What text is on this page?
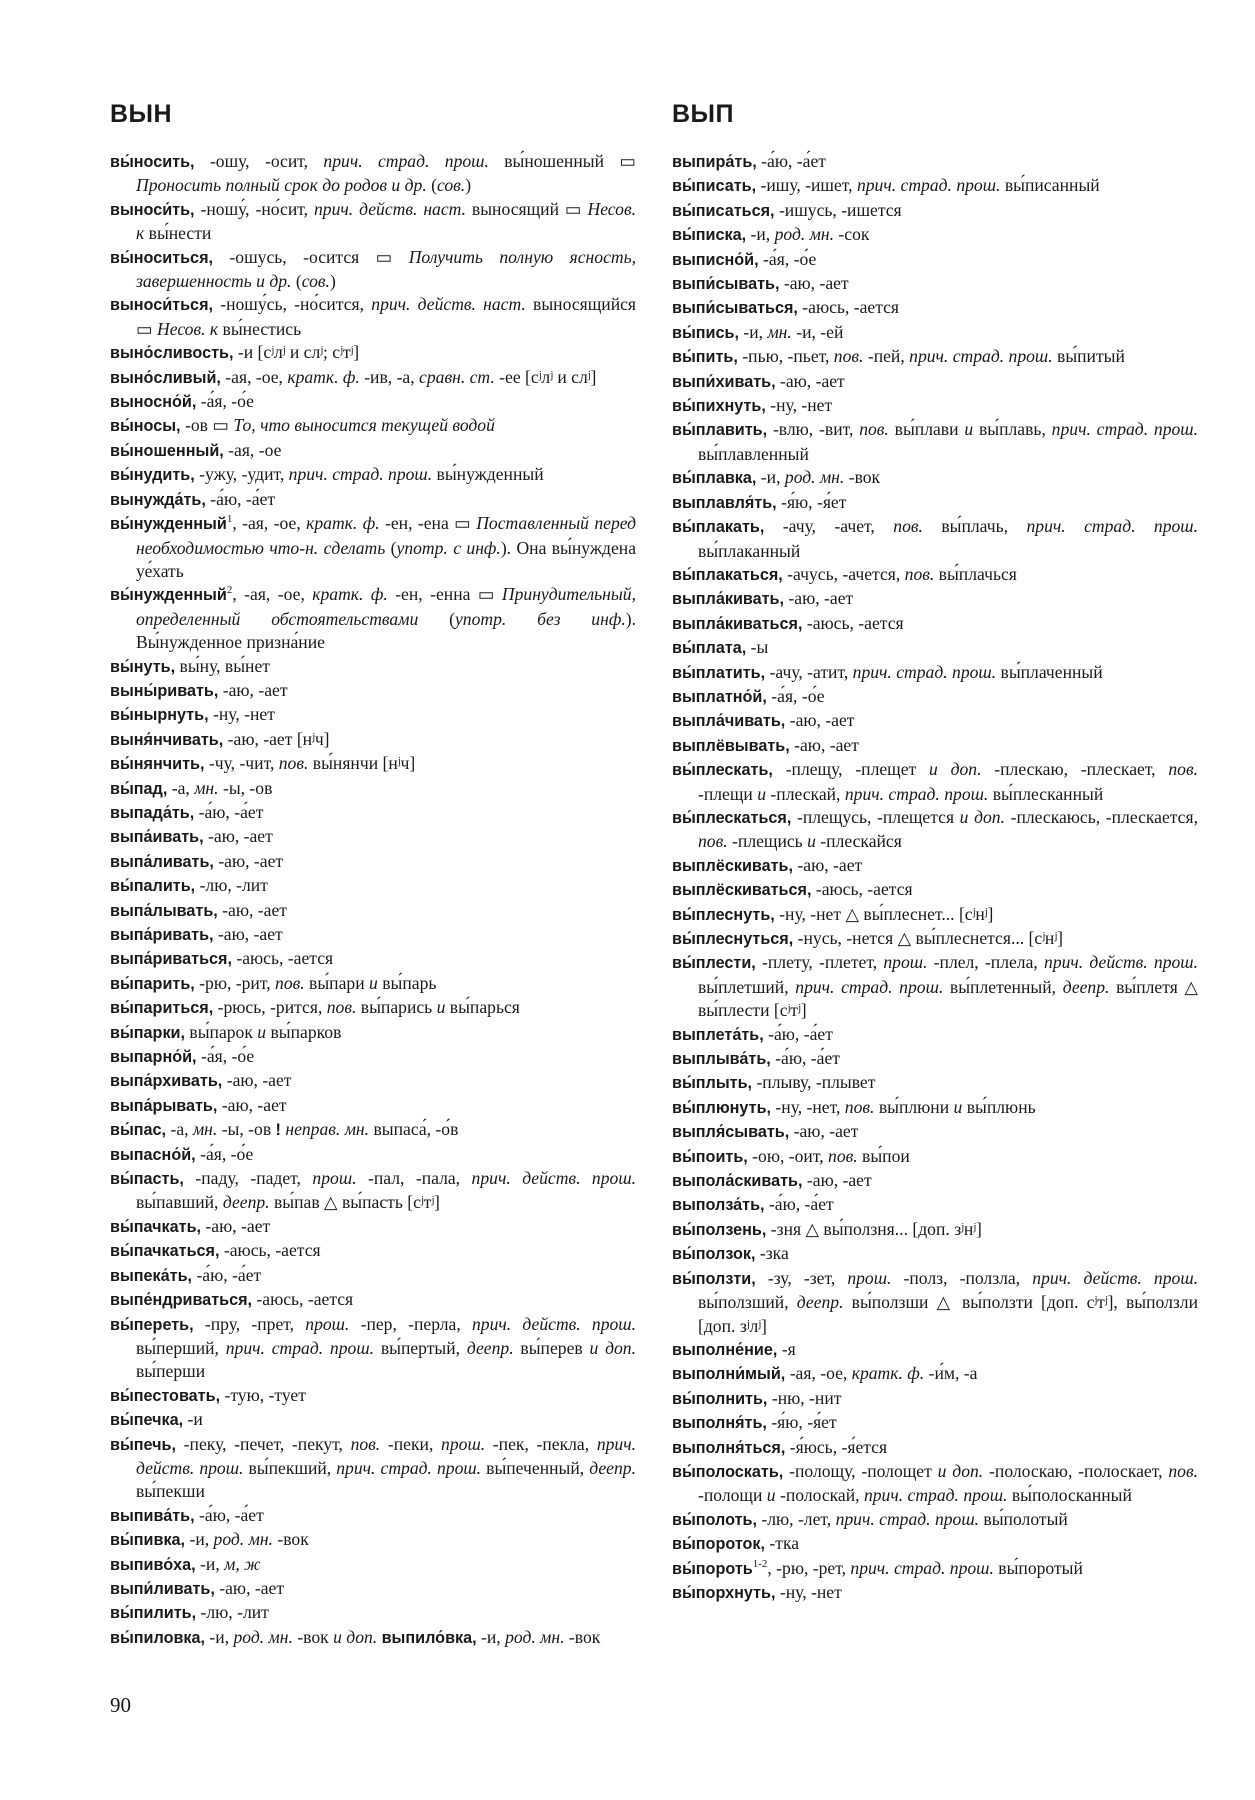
ВЫН	ВЫП

вы́носить, -ошу, -осит, прич. страд. прош. вы́ношенный ▭ Проносить полный срок до родов и др. (сов.)

выноси́ть, -ношу́, -но́сит, прич. действ. наст. выносящий ▭ Несов. к вы́нести

вы́носиться, -ошусь, -осится ▭ Получить полную ясность, завершенность и др. (сов.)

выноси́ться, -ношу́сь, -но́сится, прич. действ. наст. выносящийся ▭ Несов. к вы́нестись

выно́сливость, -и [сʲлʲ и слʲ; сʲтʲ]

выно́сливый, -ая, -ое, кратк. ф. -ив, -а, сравн. ст. -ее [сʲлʲ и слʲ]

выносно́й, -а́я, -о́е

вы́носы, -ов ▭ То, что выносится текущей водой

вы́ношенный, -ая, -ое

вы́нудить, -ужу, -удит, прич. страд. прош. вы́нужденный

вынужда́ть, -а́ю, -а́ет

вы́нужденный$^1$, -ая, -ое, кратк. ф. -ен, -ена ▭ Поставленный перед необходимостью что-н. сделать (употр. с инф.). Она вы́нуждена уе́хать

вы́нужденный$^2$, -ая, -ое, кратк. ф. -ен, -енна ▭ Принудительный, определенный обстоятельствами (употр. без инф.). Вы́нужденное призна́ние

вы́нуть, вы́ну, вы́нет

выны́ривать, -аю, -ает

вы́нырнуть, -ну, -нет

выня́нчивать, -аю, -ает [нʲч]

вы́нянчить, -чу, -чит, пов. вы́нянчи [нʲч]

вы́пад, -а, мн. -ы, -ов

выпада́ть, -а́ю, -а́ет

выпа́ивать, -аю, -ает

выпа́ливать, -аю, -ает

вы́палить, -лю, -лит

выпа́лывать, -аю, -ает

выпа́ривать, -аю, -ает

выпа́риваться, -аюсь, -ается

вы́парить, -рю, -рит, пов. вы́пари и вы́парь

вы́париться, -рюсь, -рится, пов. вы́парись и вы́парься

вы́парки, вы́парок и вы́парков

выпарно́й, -а́я, -о́е

выпа́рхивать, -аю, -ает

выпа́рывать, -аю, -ает

вы́пас, -а, мн. -ы, -ов ! неправ. мн. выпаса́, -о́в

выпасно́й, -а́я, -о́е

вы́пасть, -паду, -падет, прош. -пал, -пала, прич. действ. прош. вы́павший, деепр. вы́пав △ вы́пасть [сʲтʲ]

вы́пачкать, -аю, -ает

вы́пачкаться, -аюсь, -ается

выпека́ть, -а́ю, -а́ет

выпе́ндриваться, -аюсь, -ается

вы́переть, -пру, -прет, прош. -пер, -перла, прич. действ. прош. вы́перший, прич. страд. прош. вы́пертый, деепр. вы́перев и доп. вы́перши

вы́пестовать, -тую, -тует

вы́печка, -и

вы́печь, -пеку, -печет, -пекут, пов. -пеки, прош. -пек, -пекла, прич. действ. прош. вы́пекший, прич. страд. прош. вы́печенный, деепр. вы́пекши

выпива́ть, -а́ю, -а́ет

вы́пивка, -и, род. мн. -вок

выпиво́ха, -и, м, ж

выпи́ливать, -аю, -ает

вы́пилить, -лю, -лит

вы́пиловка, -и, род. мн. -вок и доп. выпило́вка, -и, род. мн. -вок

выпира́ть, -а́ю, -а́ет

вы́писать, -ишу, -ишет, прич. страд. прош. вы́писанный

вы́писаться, -ишусь, -ишется

вы́писка, -и, род. мн. -сок

выписно́й, -а́я, -о́е

выпи́сывать, -аю, -ает

выпи́сываться, -аюсь, -ается

вы́пись, -и, мн. -и, -ей

вы́пить, -пью, -пьет, пов. -пей, прич. страд. прош. вы́питый

выпи́хивать, -аю, -ает

вы́пихнуть, -ну, -нет

вы́плавить, -влю, -вит, пов. вы́плави и вы́плавь, прич. страд. прош. вы́плавленный

вы́плавка, -и, род. мн. -вок

выплавля́ть, -я́ю, -я́ет

вы́плакать, -ачу, -ачет, пов. вы́плачь, прич. страд. прош. вы́плаканный

вы́плакаться, -ачусь, -ачется, пов. вы́плачься

выпла́кивать, -аю, -ает

выпла́киваться, -аюсь, -ается

вы́плата, -ы

вы́платить, -ачу, -атит, прич. страд. прош. вы́плаченный

выплатно́й, -а́я, -о́е

выпла́чивать, -аю, -ает

выплёвывать, -аю, -ает

вы́плескать, -плещу, -плещет и доп. -плескаю, -плескает, пов. -плещи и -плескай, прич. страд. прош. вы́плесканный

вы́плескаться, -плещусь, -плещется и доп. -плескаюсь, -плескается, пов. -плещись и -плескайся

выплёскивать, -аю, -ает

выплёскиваться, -аюсь, -ается

вы́плеснуть, -ну, -нет △ вы́плеснет... [сʲнʲ]

вы́плеснуться, -нусь, -нется △ вы́плеснется... [сʲнʲ]

вы́плести, -плету, -плетет, прош. -плел, -плела, прич. действ. прош. вы́плетший, прич. страд. прош. вы́плетенный, деепр. вы́плетя △ вы́плести [сʲтʲ]

выплета́ть, -а́ю, -а́ет

выплыва́ть, -а́ю, -а́ет

вы́плыть, -плыву, -плывет

вы́плюнуть, -ну, -нет, пов. вы́плюни и вы́плюнь

выпля́сывать, -аю, -ает

вы́поить, -ою, -оит, пов. вы́пои

выпола́скивать, -аю, -ает

выполза́ть, -а́ю, -а́ет

вы́ползень, -зня △ вы́ползня... [доп. зʲнʲ]

вы́ползок, -зка

вы́ползти, -зу, -зет, прош. -полз, -ползла, прич. действ. прош. вы́ползший, деепр. вы́ползши △ вы́ползти [доп. сʲтʲ], вы́ползли [доп. зʲлʲ]

выполне́ние, -я

выполни́мый, -ая, -ое, кратк. ф. -и́м, -а

вы́полнить, -ню, -нит

выполня́ть, -я́ю, -я́ет

выполня́ться, -я́юсь, -я́ется

вы́полоскать, -полощу, -полощет и доп. -полоскаю, -полоскает, пов. -полощи и -полоскай, прич. страд. прош. вы́полосканный

вы́полоть, -лю, -лет, прич. страд. прош. вы́полотый

вы́пороток, -тка

вы́пороть$^{1-2}$, -рю, -рет, прич. страд. прош. вы́поротый

вы́порхнуть, -ну, -нет

90
